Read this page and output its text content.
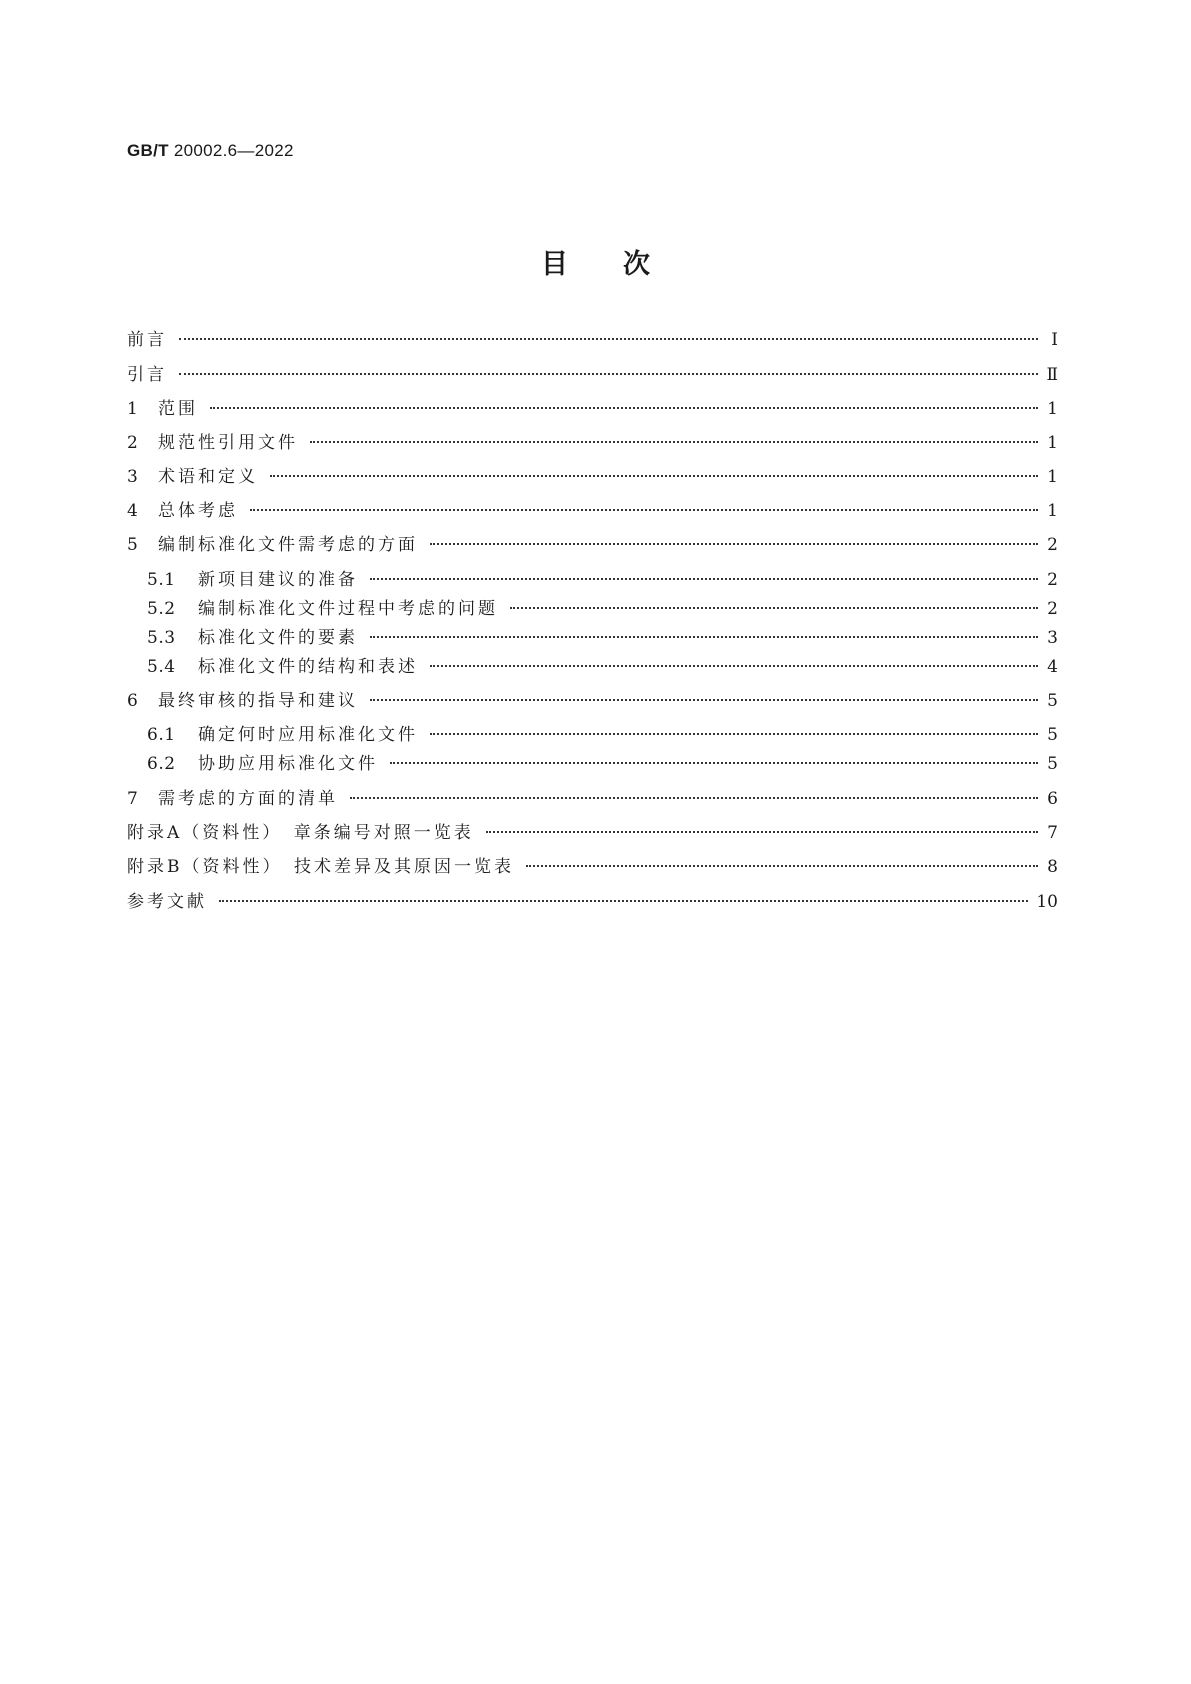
GB/T 20002.6—2022
目次
前言	Ⅰ
引言	Ⅱ
1	范围	1
2	规范性引用文件	1
3	术语和定义	1
4	总体考虑	1
5	编制标准化文件需考虑的方面	2
5.1	新项目建议的准备	2
5.2	编制标准化文件过程中考虑的问题	2
5.3	标准化文件的要素	3
5.4	标准化文件的结构和表述	4
6	最终审核的指导和建议	5
6.1	确定何时应用标准化文件	5
6.2	协助应用标准化文件	5
7	需考虑的方面的清单	6
附录A（资料性）　章条编号对照一览表	7
附录B（资料性）　技术差异及其原因一览表	8
参考文献	10
